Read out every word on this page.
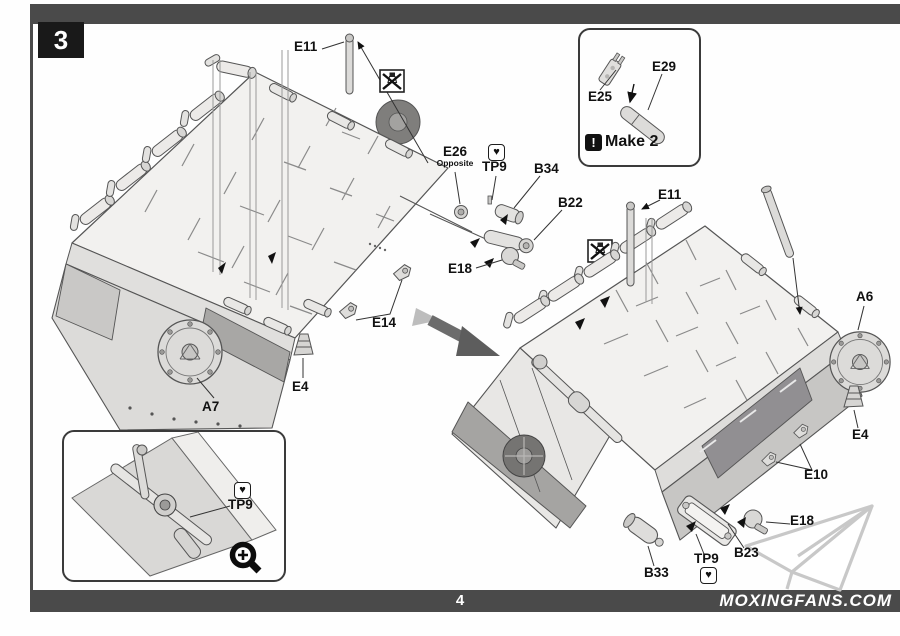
4	MOXINGFANS.COM
3
! Make 2
E11
E26
Opposite
♥
TP9 B34
B22
E18
E14
E4
A7
E25
E29
E11
A6
E4
E10
E18
B23
TP9
♥
B33
♥
TP9
